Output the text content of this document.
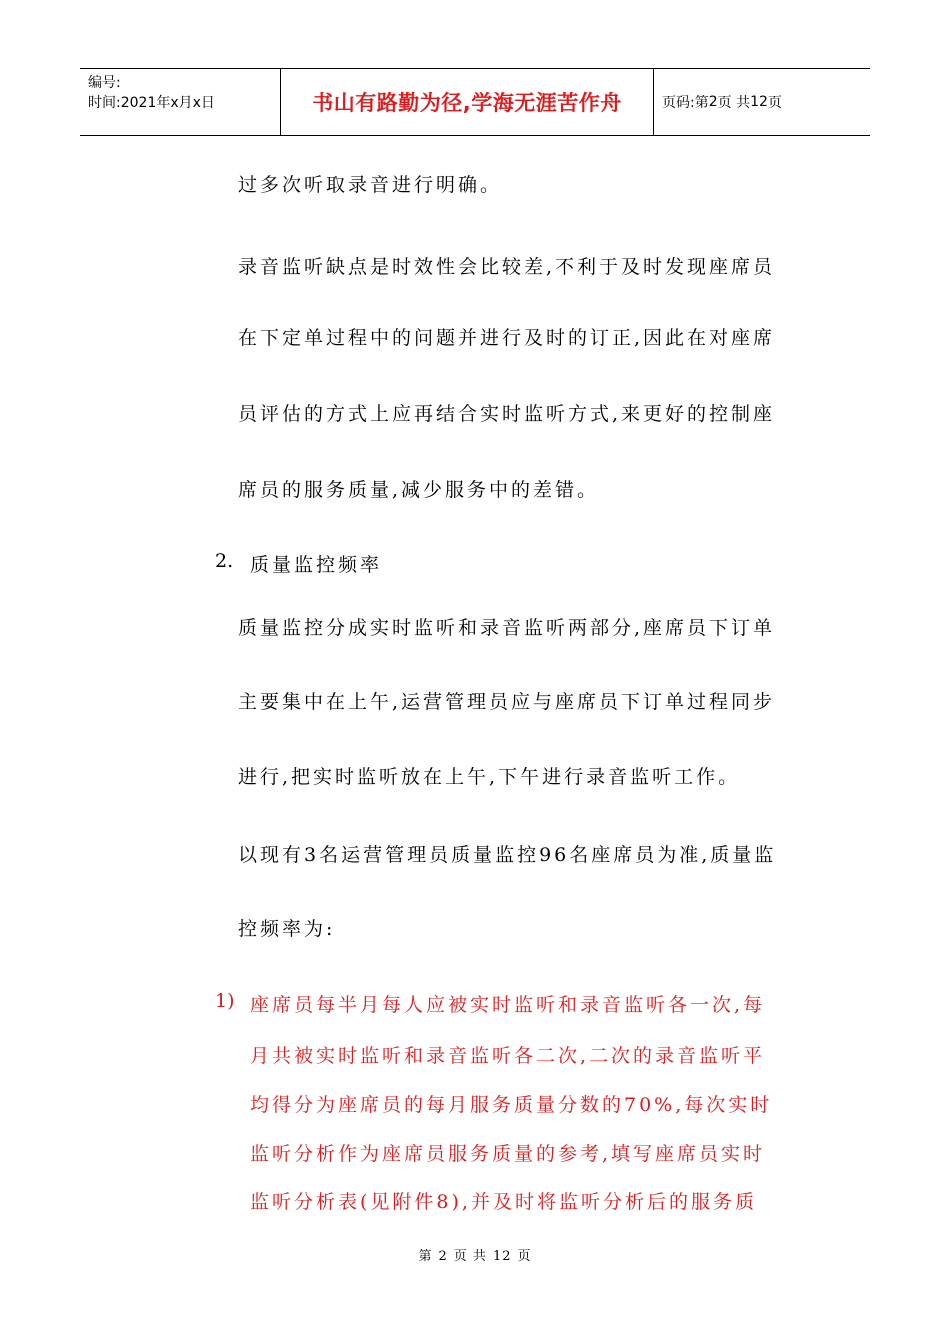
编号:
时间:2021年x月x日	书山有路勤为径,学海无涯苦作舟	页码:第 2 页 共 12 页
过多次听取录音进行明确。
录音监听缺点是时效性会比较差,不利于及时发现座席员
在下定单过程中的问题并进行及时的订正,因此在对座席
员评估的方式上应再结合实时监听方式,来更好的控制座
席员的服务质量,减少服务中的差错。
2. 质量监控频率
质量监控分成实时监听和录音监听两部分,座席员下订单
主要集中在上午,运营管理员应与座席员下订单过程同步
进行,把实时监听放在上午,下午进行录音监听工作。
以现有3名运营管理员质量监控96名座席员为准,质量监
控频率为:
1) 座席员每半月每人应被实时监听和录音监听各一次,每
月共被实时监听和录音监听各二次,二次的录音监听平
均得分为座席员的每月服务质量分数的70%,每次实时
监听分析作为座席员服务质量的参考,填写座席员实时
监听分析表(见附件8),并及时将监听分析后的服务质
第 2 页 共 12 页
